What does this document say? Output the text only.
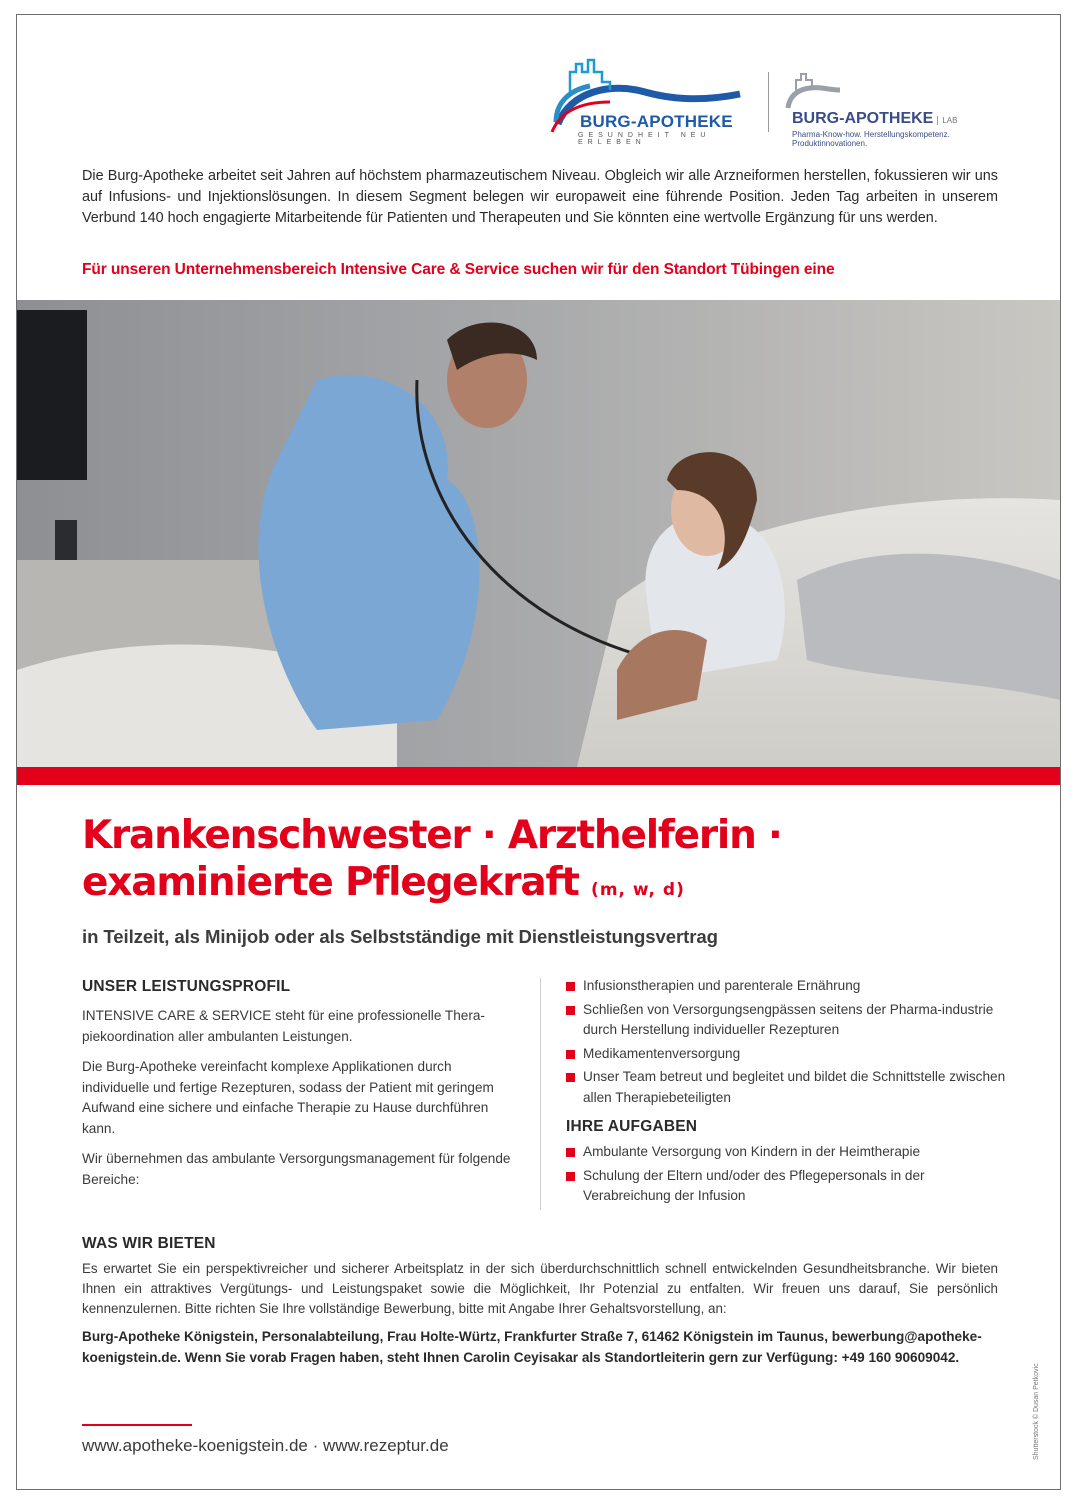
BURG-APOTHEKE
GESUNDHEIT NEU ERLEBEN
BURG-APOTHEKE LAB
Pharma-Know-how. Herstellungskompetenz. Produktinnovationen.

Die Burg-Apotheke arbeitet seit Jahren auf höchstem pharmazeutischem Niveau. Obgleich wir alle Arzneiformen herstellen, fokussieren wir uns auf Infusions- und Injektionslösungen. In diesem Segment belegen wir europaweit eine führende Position. Jeden Tag arbeiten in unserem Verbund 140 hoch engagierte Mitarbeitende für Patienten und Therapeuten und Sie könnten eine wertvolle Ergänzung für uns werden.

Für unseren Unternehmensbereich Intensive Care & Service suchen wir für den Standort Tübingen eine

Krankenschwester · Arzthelferin ·
examinierte Pflegekraft (m, w, d)
in Teilzeit, als Minijob oder als Selbstständige mit Dienstleistungsvertrag
UNSER LEISTUNGSPROFIL

INTENSIVE CARE & SERVICE steht für eine professionelle Thera-piekoordination aller ambulanten Leistungen.

Die Burg-Apotheke vereinfacht komplexe Applikationen durch individuelle und fertige Rezepturen, sodass der Patient mit geringem Aufwand eine sichere und einfache Therapie zu Hause durchführen kann.

Wir übernehmen das ambulante Versorgungsmanagement für folgende Bereiche:

Infusionstherapien und parenterale Ernährung
Schließen von Versorgungsengpässen seitens der Pharma-industrie durch Herstellung individueller Rezepturen
Medikamentenversorgung
Unser Team betreut und begleitet und bildet die Schnittstelle zwischen allen Therapiebeteiligten
IHRE AUFGABEN
Ambulante Versorgung von Kindern in der Heimtherapie
Schulung der Eltern und/oder des Pflegepersonals in der Verabreichung der Infusion
WAS WIR BIETEN

Es erwartet Sie ein perspektivreicher und sicherer Arbeitsplatz in der sich überdurchschnittlich schnell entwickelnden Gesundheitsbranche. Wir bieten Ihnen ein attraktives Vergütungs- und Leistungspaket sowie die Möglichkeit, Ihr Potenzial zu entfalten. Wir freuen uns darauf, Sie persönlich kennenzulernen. Bitte richten Sie Ihre vollständige Bewerbung, bitte mit Angabe Ihrer Gehaltsvorstellung, an:

Burg-Apotheke Königstein, Personalabteilung, Frau Holte-Würtz, Frankfurter Straße 7, 61462 Königstein im Taunus, bewerbung@apotheke-koenigstein.de. Wenn Sie vorab Fragen haben, steht Ihnen Carolin Ceyisakar als Standortleiterin gern zur Verfügung: +49 160 90609042.

www.apotheke-koenigstein.de · www.rezeptur.de	Shutterstock © Dusan Petkovic
